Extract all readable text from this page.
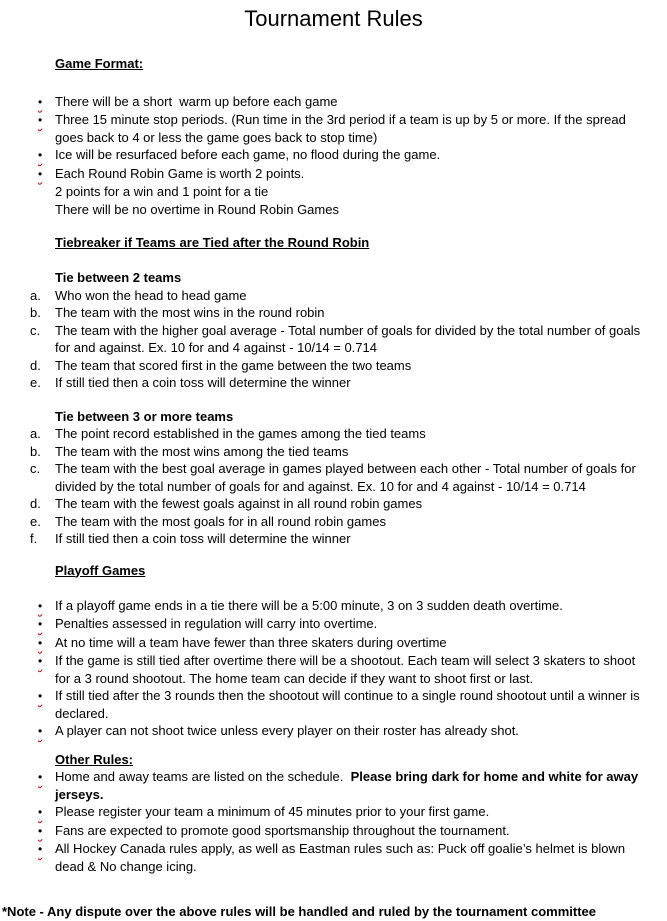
Tournament Rules
Game Format:
• There will be a short  warm up before each game
• Three 15 minute stop periods. (Run time in the 3rd period if a team is up by 5 or more. If the spread goes back to 4 or less the game goes back to stop time)
• Ice will be resurfaced before each game, no flood during the game.
• Each Round Robin Game is worth 2 points.
2 points for a win and 1 point for a tie
There will be no overtime in Round Robin Games
Tiebreaker if Teams are Tied after the Round Robin
Tie between 2 teams
a.	Who won the head to head game
b.	The team with the most wins in the round robin
c.	The team with the higher goal average - Total number of goals for divided by the total number of goals for and against. Ex. 10 for and 4 against - 10/14 = 0.714
d.	The team that scored first in the game between the two teams
e.	If still tied then a coin toss will determine the winner
Tie between 3 or more teams
a.	The point record established in the games among the tied teams
b.	The team with the most wins among the tied teams
c.	The team with the best goal average in games played between each other - Total number of goals for divided by the total number of goals for and against. Ex. 10 for and 4 against - 10/14 = 0.714
d.	The team with the fewest goals against in all round robin games
e.	The team with the most goals for in all round robin games
f.	If still tied then a coin toss will determine the winner
Playoff Games
• If a playoff game ends in a tie there will be a 5:00 minute, 3 on 3 sudden death overtime.
• Penalties assessed in regulation will carry into overtime.
• At no time will a team have fewer than three skaters during overtime
• If the game is still tied after overtime there will be a shootout. Each team will select 3 skaters to shoot for a 3 round shootout. The home team can decide if they want to shoot first or last.
• If still tied after the 3 rounds then the shootout will continue to a single round shootout until a winner is declared.
• A player can not shoot twice unless every player on their roster has already shot.
Other Rules:
• Home and away teams are listed on the schedule.  Please bring dark for home and white for away jerseys.
• Please register your team a minimum of 45 minutes prior to your first game.
• Fans are expected to promote good sportsmanship throughout the tournament.
• All Hockey Canada rules apply, as well as Eastman rules such as: Puck off goalie’s helmet is blown dead & No change icing.
*Note - Any dispute over the above rules will be handled and ruled by the tournament committee
